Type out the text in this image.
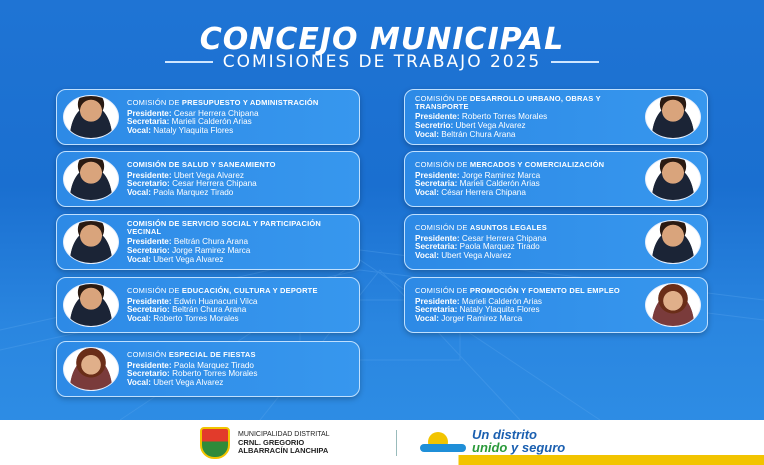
CONCEJO MUNICIPAL
COMISIONES DE TRABAJO 2025
COMISIÓN DE PRESUPUESTO Y ADMINISTRACIÓN
Presidente: Cesar Herrera Chipana
Secretaria: Marieli Calderón Arias
Vocal: Nataly Ylaquita Flores
COMISIÓN DE SALUD Y SANEAMIENTO
Presidente: Ubert Vega Alvarez
Secretario: Cesar Herrera Chipana
Vocal: Paola Marquez Tirado
COMISIÓN DE SERVICIO SOCIAL Y PARTICIPACIÓN VECINAL
Presidente: Beltrán Chura Arana
Secretario: Jorge Ramirez Marca
Vocal: Ubert Vega Alvarez
COMISIÓN DE EDUCACIÓN, CULTURA Y DEPORTE
Presidente: Edwin Huanacuni Vilca
Secretario: Beltrán Chura Arana
Vocal: Roberto Torres Morales
COMISIÓN ESPECIAL DE FIESTAS
Presidente: Paola Marquez Tirado
Secretario: Roberto Torres Morales
Vocal: Ubert Vega Alvarez
COMISIÓN DE DESARROLLO URBANO, OBRAS Y TRANSPORTE
Presidente: Roberto Torres Morales
Secretrio: Ubert Vega Alvarez
Vocal: Beltrán Chura Arana
COMISIÓN DE MERCADOS Y COMERCIALIZACIÓN
Presidente: Jorge Ramirez Marca
Secretaria: Marieli Calderón Arias
Vocal: César Herrera Chipana
COMISIÓN DE ASUNTOS LEGALES
Presidente: Cesar Herrera Chipana
Secretaria: Paola Marquez Tirado
Vocal: Ubert Vega Alvarez
COMISIÓN DE PROMOCIÓN Y FOMENTO DEL EMPLEO
Presidente: Marieli Calderón Arias
Secretaria: Nataly Ylaquita Flores
Vocal: Jorger Ramirez Marca
MUNICIPALIDAD DISTRITAL
CRNL. GREGORIO
ALBARRACÍN LANCHIPA
Un distrito
unido y seguro
